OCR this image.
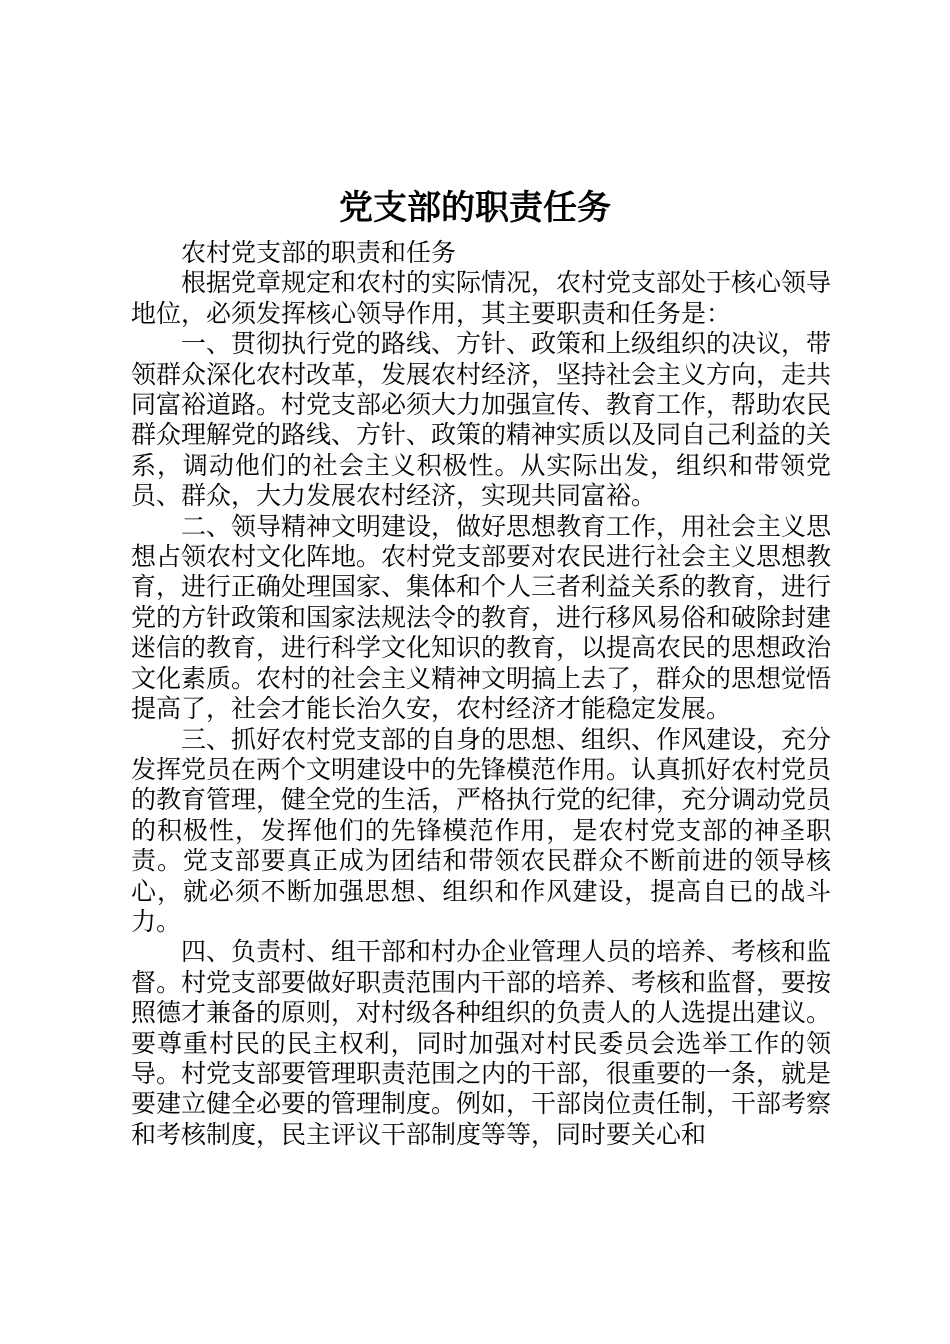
党支部的职责任务

农村党支部的职责和任务

根据党章规定和农村的实际情况，农村党支部处于核心领导地位，必须发挥核心领导作用，其主要职责和任务是：

一、贯彻执行党的路线、方针、政策和上级组织的决议，带领群众深化农村改革，发展农村经济，坚持社会主义方向，走共同富裕道路。村党支部必须大力加强宣传、教育工作，帮助农民群众理解党的路线、方针、政策的精神实质以及同自己利益的关系，调动他们的社会主义积极性。从实际出发，组织和带领党员、群众，大力发展农村经济，实现共同富裕。

二、领导精神文明建设，做好思想教育工作，用社会主义思想占领农村文化阵地。农村党支部要对农民进行社会主义思想教育，进行正确处理国家、集体和个人三者利益关系的教育，进行党的方针政策和国家法规法令的教育，进行移风易俗和破除封建迷信的教育，进行科学文化知识的教育，以提高农民的思想政治文化素质。农村的社会主义精神文明搞上去了，群众的思想觉悟提高了，社会才能长治久安，农村经济才能稳定发展。

三、抓好农村党支部的自身的思想、组织、作风建设，充分发挥党员在两个文明建设中的先锋模范作用。认真抓好农村党员的教育管理，健全党的生活，严格执行党的纪律，充分调动党员的积极性，发挥他们的先锋模范作用，是农村党支部的神圣职责。党支部要真正成为团结和带领农民群众不断前进的领导核心，就必须不断加强思想、组织和作风建设，提高自已的战斗力。

四、负责村、组干部和村办企业管理人员的培养、考核和监督。村党支部要做好职责范围内干部的培养、考核和监督，要按照德才兼备的原则，对村级各种组织的负责人的人选提出建议。要尊重村民的民主权利，同时加强对村民委员会选举工作的领导。村党支部要管理职责范围之内的干部，很重要的一条，就是要建立健全必要的管理制度。例如，干部岗位责任制，干部考察和考核制度，民主评议干部制度等等，同时要关心和
